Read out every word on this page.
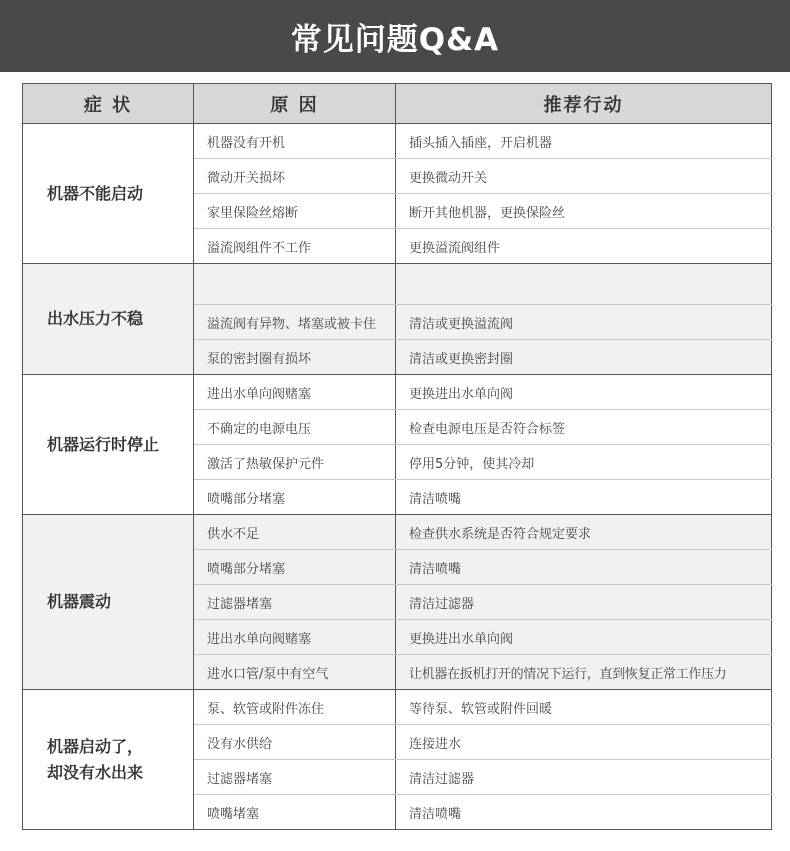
常见问题Q&A
症 状	原 因	推荐行动

机器不能启动	机器没有开机	插头插入插座，开启机器
	微动开关损坏	更换微动开关
	家里保险丝熔断	断开其他机器，更换保险丝
	溢流阀组件不工作	更换溢流阀组件

出水压力不稳		

	溢流阀有异物、堵塞或被卡住	清洁或更换溢流阀
	泵的密封圈有损坏	清洁或更换密封圈

机器运行时停止	进出水单向阀赌塞	更换进出水单向阀
	不确定的电源电压	检查电源电压是否符合标签
	激活了热敏保护元件	停用5分钟，使其冷却
	喷嘴部分堵塞	清洁喷嘴

机器震动	供水不足	检查供水系统是否符合规定要求
	喷嘴部分堵塞	清洁喷嘴
	过滤器堵塞	清洁过滤器
	进出水单向阀赌塞	更换进出水单向阀
	进水口管/泵中有空气	让机器在扳机打开的情况下运行，直到恢复正常工作压力

机器启动了，
却没有水出来	泵、软管或附件冻住	等待泵、软管或附件回暖
	没有水供给	连接进水
	过滤器堵塞	清洁过滤器
	喷嘴堵塞	清洁喷嘴
